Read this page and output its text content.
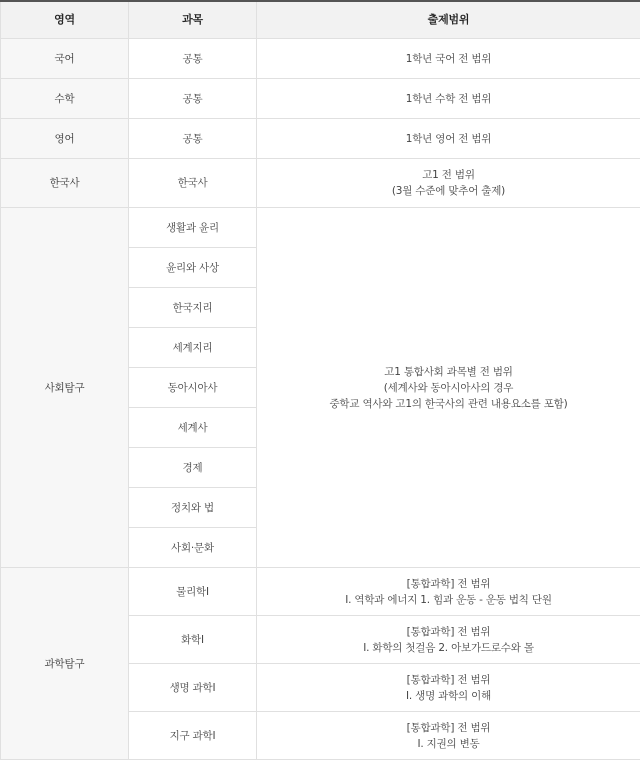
영역	과목	출제범위
국어	공통	1학년 국어 전 범위
수학	공통	1학년 수학 전 범위
영어	공통	1학년 영어 전 범위
한국사	한국사	고1 전 범위
(3월 수준에 맞추어 출제)

사회탐구	생활과 윤리	고1 통합사회 과목별 전 범위
(세계사와 동아시아사의 경우
중학교 역사와 고1의 한국사의 관련 내용요소를 포함)

	윤리와 사상	
	한국지리	
	세계지리	
	동아시아사	
	세계사	
	경제	
	정치와 법	
	사회·문화	
과학탐구	물리학Ⅰ	[통합과학] 전 범위
Ⅰ. 역학과 에너지 1. 힘과 운동 - 운동 법칙 단원

	화학Ⅰ	[통합과학] 전 범위
Ⅰ. 화학의 첫걸음 2. 아보가드로수와 몰

	생명 과학Ⅰ	[통합과학] 전 범위
Ⅰ. 생명 과학의 이해

	지구 과학Ⅰ	[통합과학] 전 범위
Ⅰ. 지권의 변동
